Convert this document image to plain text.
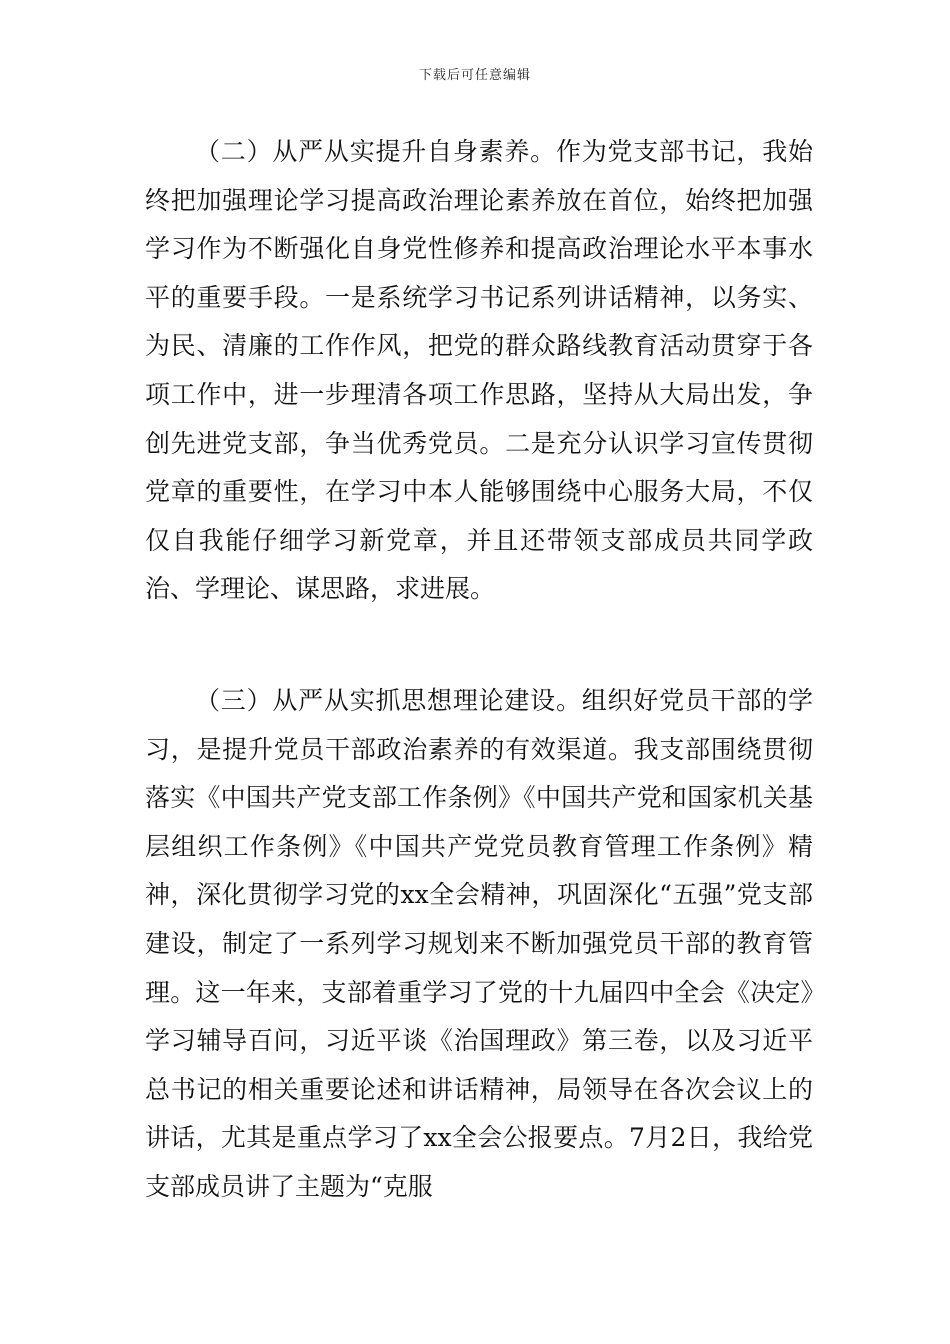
下载后可任意编辑

（二）从严从实提升自身素养。作为党支部书记，我始终把加强理论学习提高政治理论素养放在首位，始终把加强学习作为不断强化自身党性修养和提高政治理论水平本事水平的重要手段。一是系统学习书记系列讲话精神，以务实、为民、清廉的工作作风，把党的群众路线教育活动贯穿于各项工作中，进一步理清各项工作思路，坚持从大局出发，争创先进党支部，争当优秀党员。二是充分认识学习宣传贯彻党章的重要性，在学习中本人能够围绕中心服务大局，不仅仅自我能仔细学习新党章，并且还带领支部成员共同学政治、学理论、谋思路，求进展。

（三）从严从实抓思想理论建设。组织好党员干部的学习，是提升党员干部政治素养的有效渠道。我支部围绕贯彻落实《中国共产党支部工作条例》《中国共产党和国家机关基层组织工作条例》《中国共产党党员教育管理工作条例》精神，深化贯彻学习党的xx全会精神，巩固深化“五强”党支部建设，制定了一系列学习规划来不断加强党员干部的教育管理。这一年来，支部着重学习了党的十九届四中全会《决定》学习辅导百问，习近平谈《治国理政》第三卷，以及习近平总书记的相关重要论述和讲话精神，局领导在各次会议上的讲话，尤其是重点学习了xx全会公报要点。7月2日，我给党支部成员讲了主题为“克服
